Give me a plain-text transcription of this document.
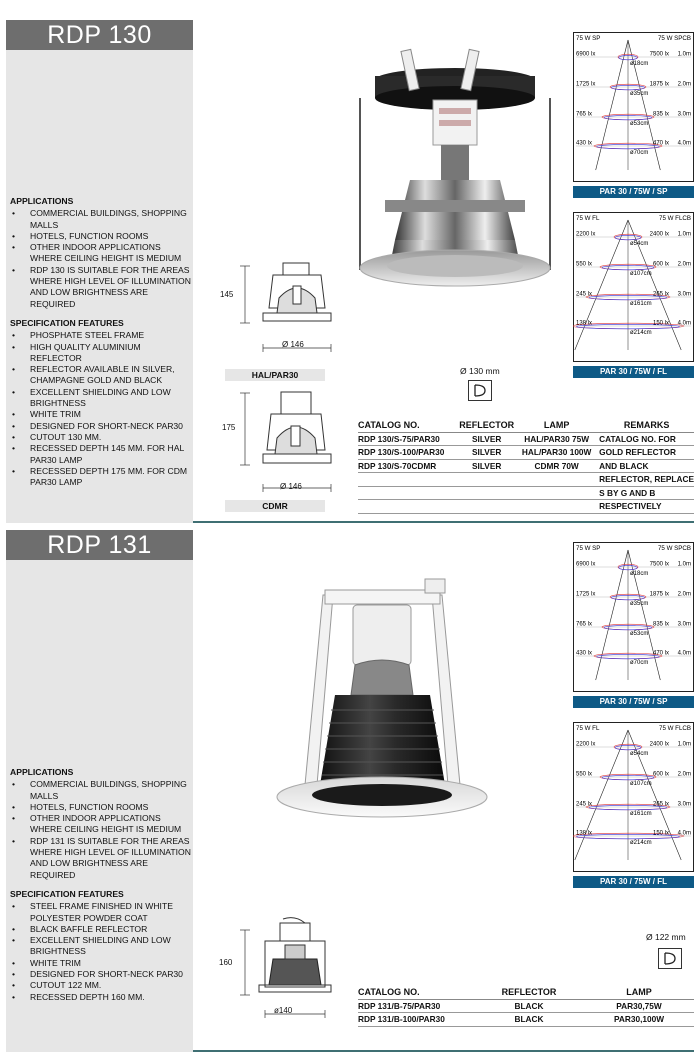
RDP 130
APPLICATIONS
• COMMERCIAL BUILDINGS, SHOPPING MALLS
• HOTELS, FUNCTION ROOMS
• OTHER INDOOR APPLICATIONS WHERE CEILING HEIGHT IS MEDIUM
• RDP 130 IS SUITABLE FOR THE AREAS WHERE HIGH LEVEL OF ILLUMINATION AND LOW BRIGHTNESS ARE REQUIRED
SPECIFICATION FEATURES
• PHOSPHATE STEEL FRAME
• HIGH QUALITY ALUMINIUM REFLECTOR
• REFLECTOR AVAILABLE IN SILVER, CHAMPAGNE GOLD AND BLACK
• EXCELLENT SHIELDING AND LOW BRIGHTNESS
• WHITE TRIM
• DESIGNED FOR SHORT-NECK PAR30
• CUTOUT 130 MM.
• RECESSED DEPTH 145 MM. FOR HAL PAR30 LAMP
• RECESSED DEPTH 175 MM. FOR CDM PAR30 LAMP
Ø 130 mm
145
Ø 146
HAL/PAR30
175
Ø 146
CDMR
CATALOG NO.	REFLECTOR	LAMP	REMARKS
RDP 130/S-75/PAR30	SILVER	HAL/PAR30 75W	CATALOG NO. FOR
RDP 130/S-100/PAR30	SILVER	HAL/PAR30 100W	GOLD REFLECTOR
RDP 130/S-70CDMR	SILVER	CDMR 70W	AND BLACK
			REFLECTOR, REPLACE
			S BY G AND B
			RESPECTIVELY
RDP 131
APPLICATIONS
• COMMERCIAL BUILDINGS, SHOPPING MALLS
• HOTELS, FUNCTION ROOMS
• OTHER INDOOR APPLICATIONS WHERE CEILING HEIGHT IS MEDIUM
• RDP 131 IS SUITABLE FOR THE AREAS WHERE HIGH LEVEL OF ILLUMINATION AND LOW BRIGHTNESS ARE REQUIRED
SPECIFICATION FEATURES
• STEEL FRAME FINISHED IN WHITE POLYESTER POWDER COAT
• BLACK BAFFLE REFLECTOR
• EXCELLENT SHIELDING AND LOW BRIGHTNESS
• WHITE TRIM
• DESIGNED FOR SHORT-NECK PAR30
• CUTOUT 122 MM.
• RECESSED DEPTH 160 MM.
Ø 122 mm
160
ø140
CATALOG NO.	REFLECTOR	LAMP
RDP 131/B-75/PAR30	BLACK	PAR30,75W
RDP 131/B-100/PAR30	BLACK	PAR30,100W
75 W SP	75 W SPCB
6900 lx	7500 lx 1.0m
ø18cm
1725 lx	1875 lx 2.0m
ø35cm
765 lx	835 lx 3.0m
ø53cm
430 lx	470 lx 4.0m
ø70cm
PAR 30 / 75W / SP
75 W FL	75 W FLCB
2200 lx	2400 lx 1.0m
ø54cm
550 lx	600 lx 2.0m
ø107cm
245 lx	265 lx 3.0m
ø161cm
138 lx	150 lx 4.0m
ø214cm
PAR 30 / 75W / FL
75 W SP	75 W SPCB
6900 lx	7500 lx 1.0m
ø18cm
1725 lx	1875 lx 2.0m
ø35cm
765 lx	835 lx 3.0m
ø53cm
430 lx	470 lx 4.0m
ø70cm
PAR 30 / 75W / SP
75 W FL	75 W FLCB
2200 lx	2400 lx 1.0m
ø54cm
550 lx	600 lx 2.0m
ø107cm
245 lx	265 lx 3.0m
ø161cm
138 lx	150 lx 4.0m
ø214cm
PAR 30 / 75W / FL
